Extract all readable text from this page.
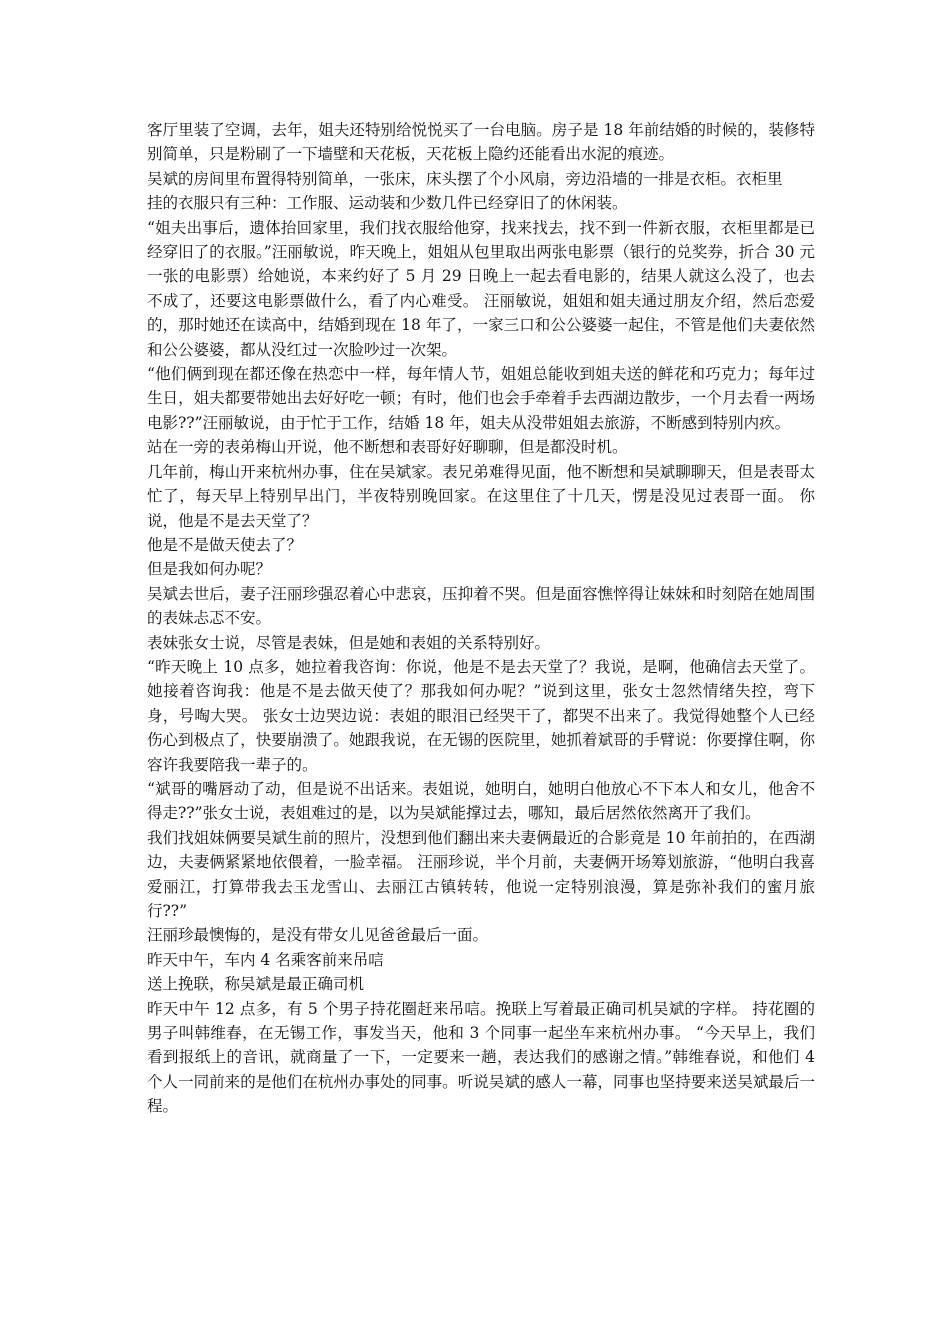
客厅里装了空调，去年，姐夫还特别给悦悦买了一台电脑。房子是 18 年前结婚的时候的，装修特别简单，只是粉刷了一下墙壁和天花板，天花板上隐约还能看出水泥的痕迹。

吴斌的房间里布置得特别简单，一张床，床头摆了个小风扇，旁边沿墙的一排是衣柜。衣柜里

挂的衣服只有三种：工作服、运动装和少数几件已经穿旧了的休闲装。

“姐夫出事后，遗体抬回家里，我们找衣服给他穿，找来找去，找不到一件新衣服，衣柜里都是已经穿旧了的衣服。”汪丽敏说，昨天晚上，姐姐从包里取出两张电影票（银行的兑奖券，折合 30 元一张的电影票）给她说，本来约好了 5 月 29 日晚上一起去看电影的，结果人就这么没了，也去不成了，还要这电影票做什么，看了内心难受。 汪丽敏说，姐姐和姐夫通过朋友介绍，然后恋爱的，那时她还在读高中，结婚到现在 18 年了，一家三口和公公婆婆一起住，不管是他们夫妻依然和公公婆婆，都从没红过一次脸吵过一次架。

“他们俩到现在都还像在热恋中一样，每年情人节，姐姐总能收到姐夫送的鲜花和巧克力；每年过生日，姐夫都要带她出去好好吃一顿；有时，他们也会手牵着手去西湖边散步，一个月去看一两场电影??”汪丽敏说，由于忙于工作，结婚 18 年，姐夫从没带姐姐去旅游，不断感到特别内疚。

站在一旁的表弟梅山开说，他不断想和表哥好好聊聊，但是都没时机。

几年前，梅山开来杭州办事，住在吴斌家。表兄弟难得见面，他不断想和吴斌聊聊天，但是表哥太忙了，每天早上特别早出门，半夜特别晚回家。在这里住了十几天，愣是没见过表哥一面。 你说，他是不是去天堂了？

他是不是做天使去了？

但是我如何办呢？

吴斌去世后，妻子汪丽珍强忍着心中悲哀，压抑着不哭。但是面容憔悴得让妹妹和时刻陪在她周围的表妹忐忑不安。

表妹张女士说，尽管是表妹，但是她和表姐的关系特别好。

“昨天晚上 10 点多，她拉着我咨询：你说，他是不是去天堂了？我说，是啊，他确信去天堂了。她接着咨询我：他是不是去做天使了？那我如何办呢？”说到这里，张女士忽然情绪失控，弯下身，号啕大哭。 张女士边哭边说：表姐的眼泪已经哭干了，都哭不出来了。我觉得她整个人已经伤心到极点了，快要崩溃了。她跟我说，在无锡的医院里，她抓着斌哥的手臂说：你要撑住啊，你容许我要陪我一辈子的。

“斌哥的嘴唇动了动，但是说不出话来。表姐说，她明白，她明白他放心不下本人和女儿，他舍不得走??”张女士说，表姐难过的是，以为吴斌能撑过去，哪知，最后居然依然离开了我们。

我们找姐妹俩要吴斌生前的照片，没想到他们翻出来夫妻俩最近的合影竟是 10 年前拍的，在西湖边，夫妻俩紧紧地依偎着，一脸幸福。 汪丽珍说，半个月前，夫妻俩开场筹划旅游，“他明白我喜爱丽江，打算带我去玉龙雪山、去丽江古镇转转，他说一定特别浪漫，算是弥补我们的蜜月旅行??”

汪丽珍最懊悔的，是没有带女儿见爸爸最后一面。

昨天中午，车内 4 名乘客前来吊唁

送上挽联，称吴斌是最正确司机

昨天中午 12 点多，有 5 个男子持花圈赶来吊唁。挽联上写着最正确司机吴斌的字样。 持花圈的男子叫韩维春，在无锡工作，事发当天，他和 3 个同事一起坐车来杭州办事。 “今天早上，我们看到报纸上的音讯，就商量了一下，一定要来一趟，表达我们的感谢之情。”韩维春说，和他们 4 个人一同前来的是他们在杭州办事处的同事。听说吴斌的感人一幕，同事也坚持要来送吴斌最后一程。
